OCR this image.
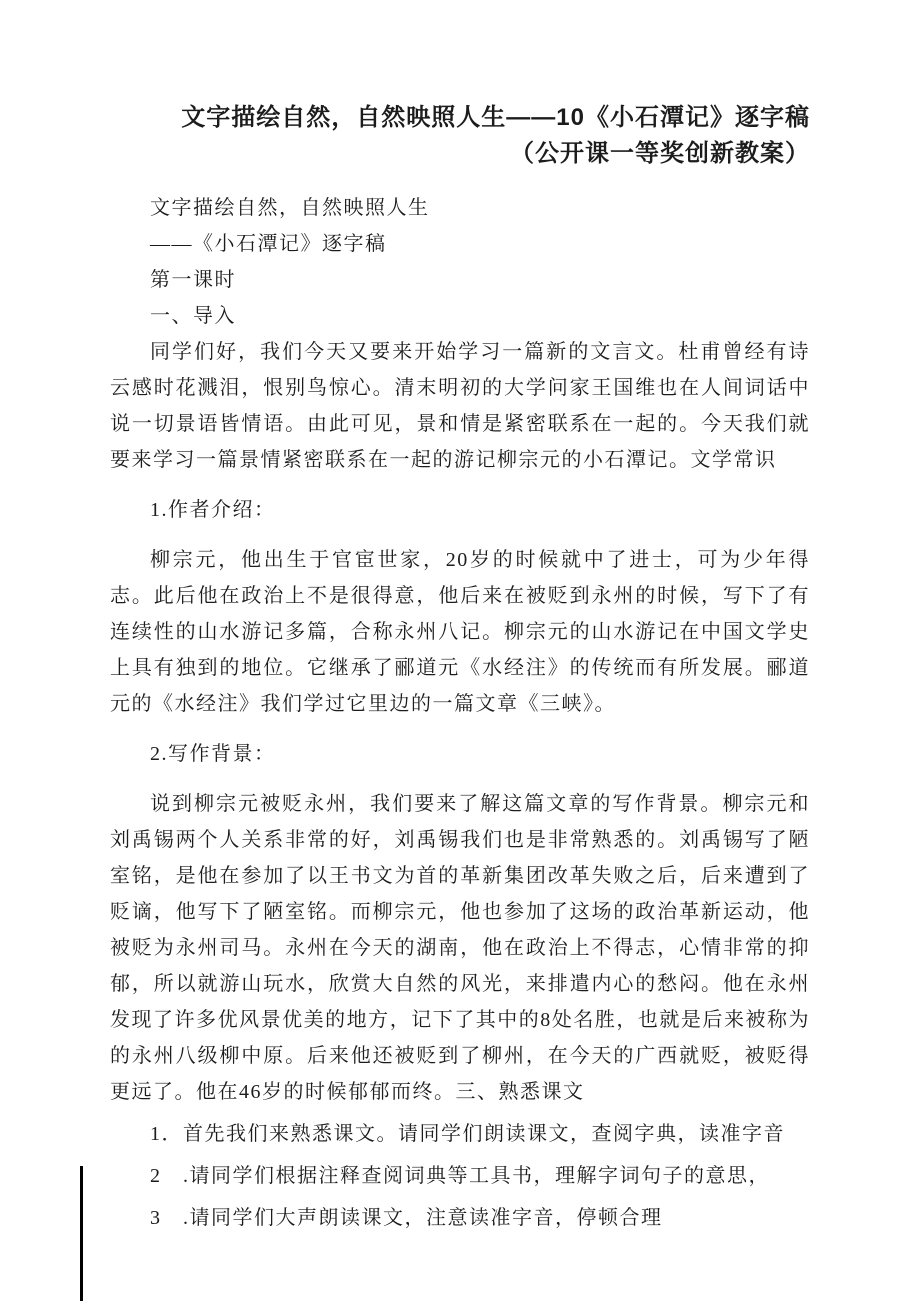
文字描绘自然，自然映照人生——10《小石潭记》逐字稿
（公开课一等奖创新教案）

文字描绘自然，自然映照人生

——《小石潭记》逐字稿

第一课时

一、导入

同学们好，我们今天又要来开始学习一篇新的文言文。杜甫曾经有诗云感时花溅泪，恨别鸟惊心。清末明初的大学问家王国维也在人间词话中说一切景语皆情语。由此可见，景和情是紧密联系在一起的。今天我们就要来学习一篇景情紧密联系在一起的游记柳宗元的小石潭记。文学常识

1.作者介绍：

柳宗元，他出生于官宦世家，20岁的时候就中了进士，可为少年得志。此后他在政治上不是很得意，他后来在被贬到永州的时候，写下了有连续性的山水游记多篇，合称永州八记。柳宗元的山水游记在中国文学史上具有独到的地位。它继承了郦道元《水经注》的传统而有所发展。郦道元的《水经注》我们学过它里边的一篇文章《三峡》。

2.写作背景：

说到柳宗元被贬永州，我们要来了解这篇文章的写作背景。柳宗元和刘禹锡两个人关系非常的好，刘禹锡我们也是非常熟悉的。刘禹锡写了陋室铭，是他在参加了以王书文为首的革新集团改革失败之后，后来遭到了贬谪，他写下了陋室铭。而柳宗元，他也参加了这场的政治革新运动，他被贬为永州司马。永州在今天的湖南，他在政治上不得志，心情非常的抑郁，所以就游山玩水，欣赏大自然的风光，来排遣内心的愁闷。他在永州发现了许多优风景优美的地方，记下了其中的8处名胜，也就是后来被称为的永州八级柳中原。后来他还被贬到了柳州，在今天的广西就贬，被贬得更远了。他在46岁的时候郁郁而终。三、熟悉课文

1．首先我们来熟悉课文。请同学们朗读课文，查阅字典，读准字音

2　.请同学们根据注释查阅词典等工具书，理解字词句子的意思，

3　.请同学们大声朗读课文，注意读准字音，停顿合理
